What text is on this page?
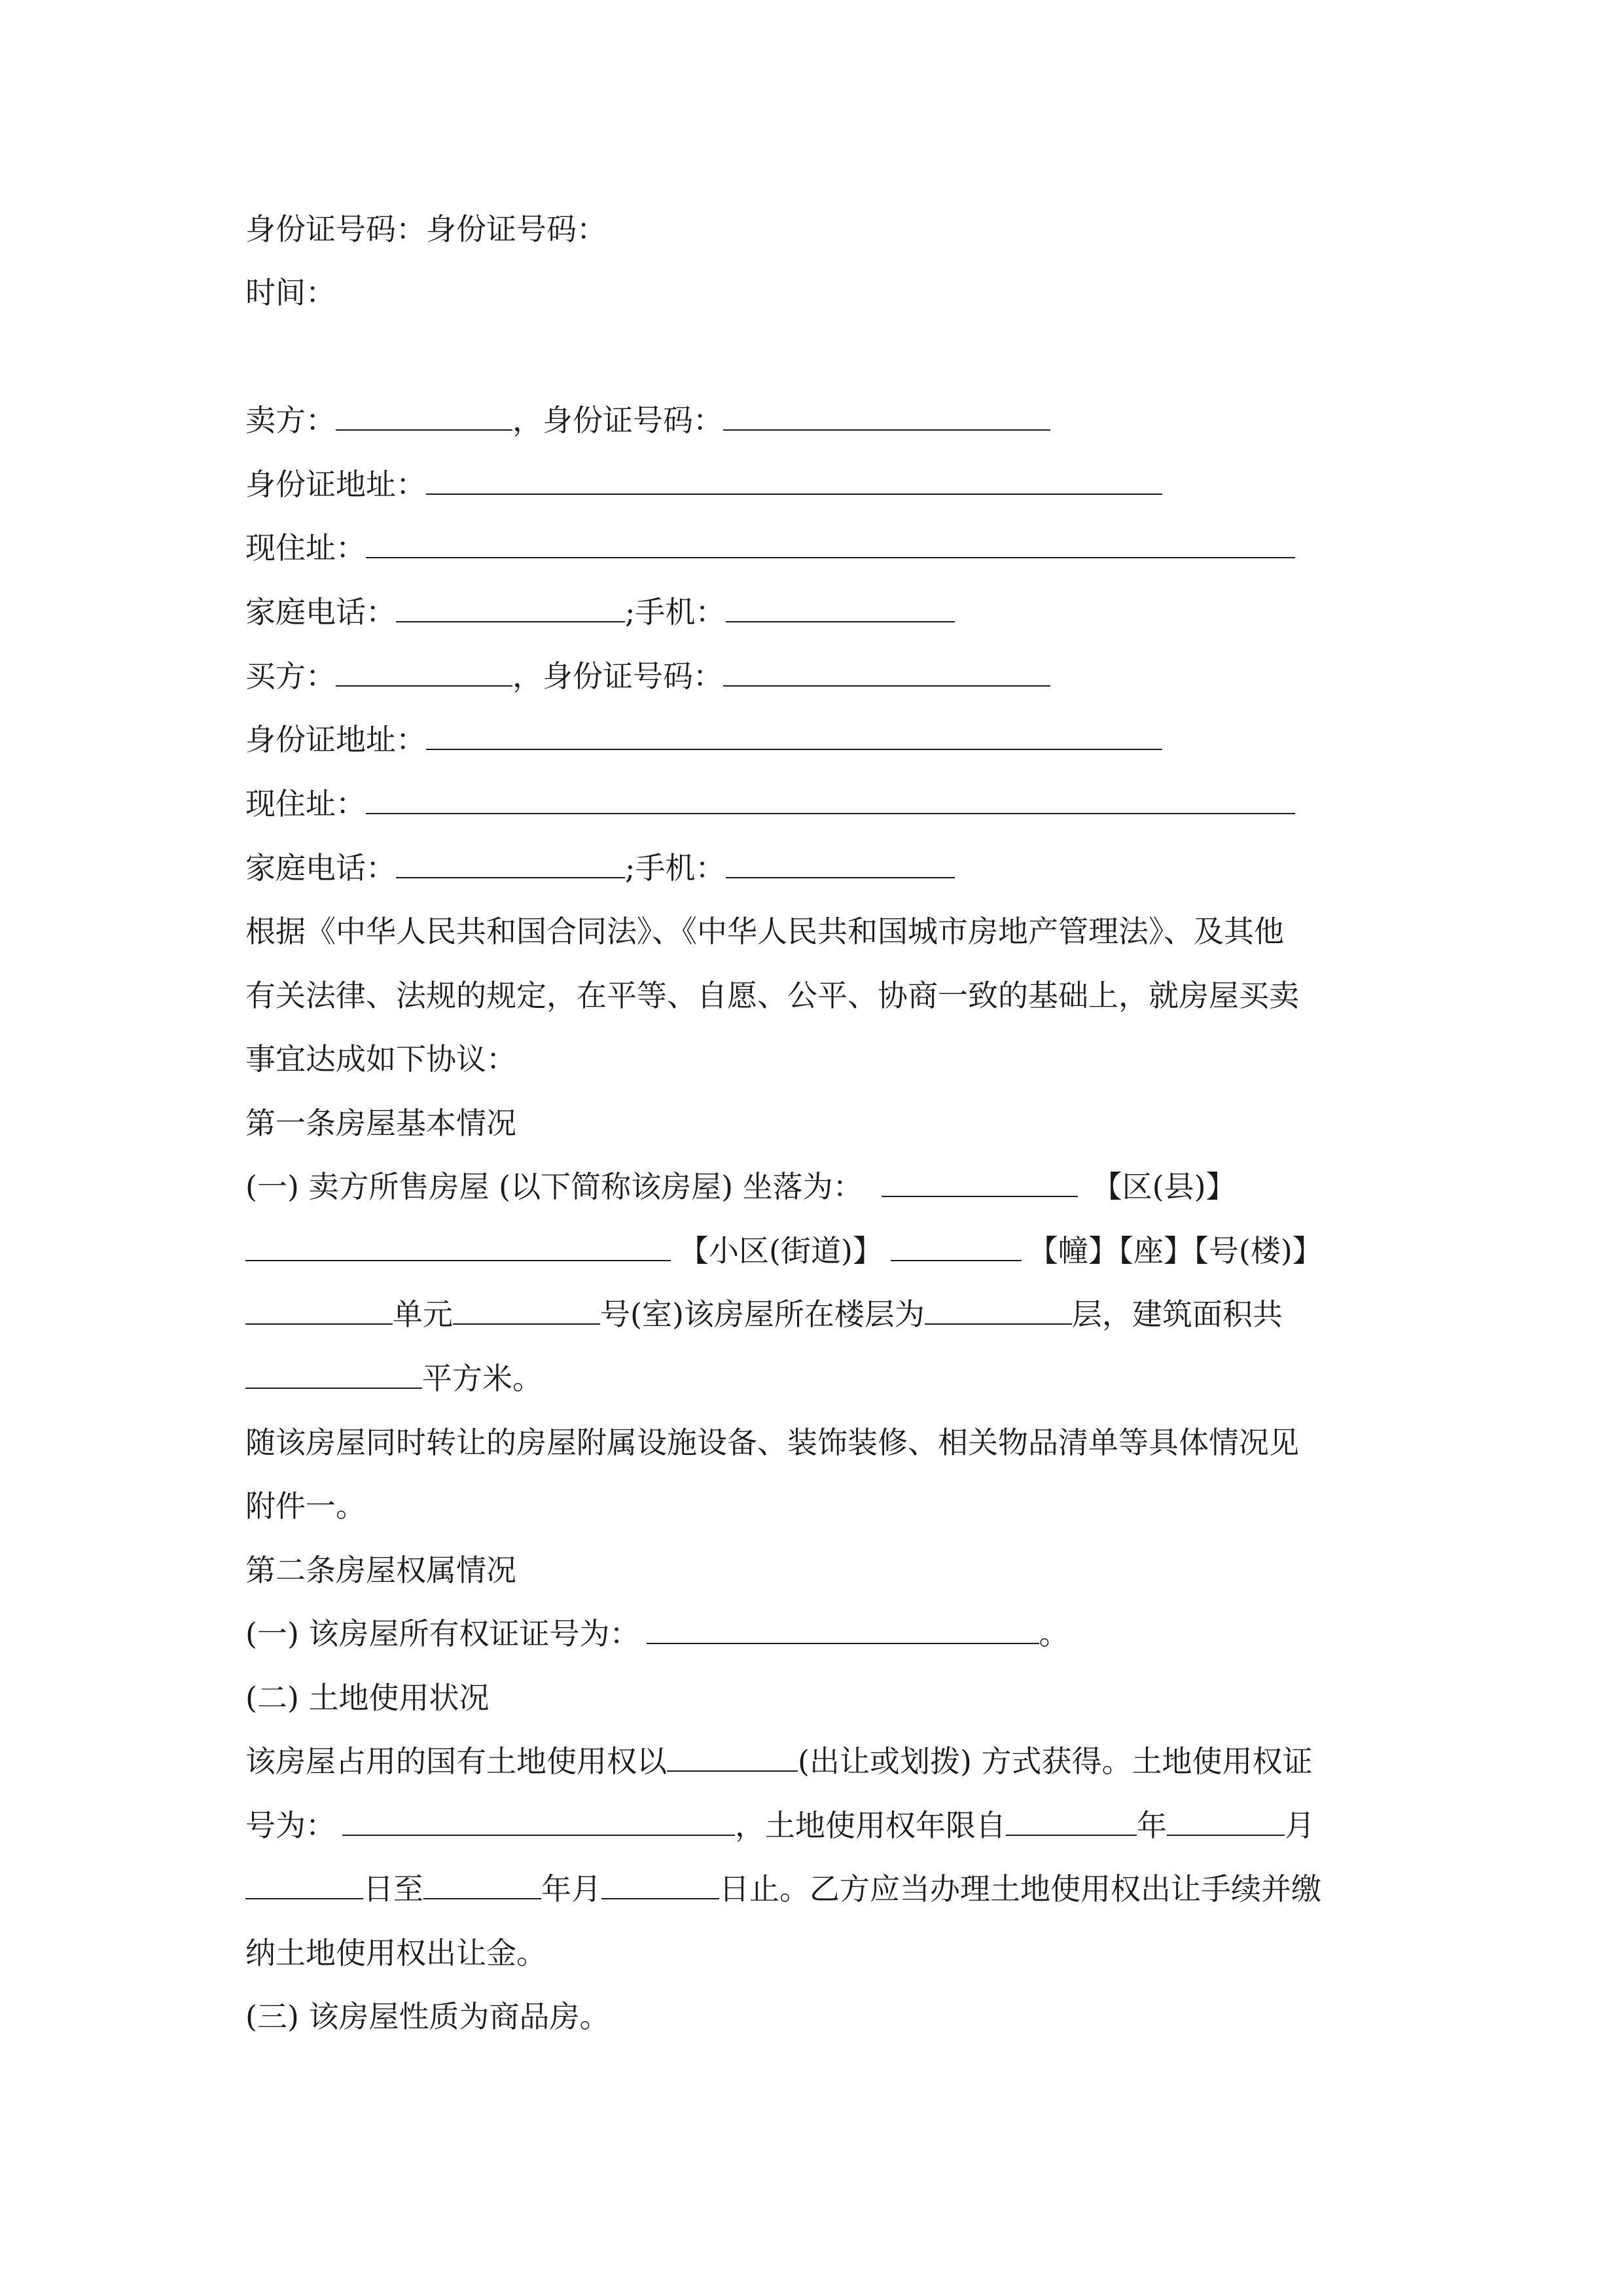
身份证号码：身份证号码：
时间：
卖方：	，身份证号码：
身份证地址：
现住址：
家庭电话：	;手机：
买方：	，身份证号码：
身份证地址：
现住址：
家庭电话：	;手机：
根据《中华人民共和国合同法》、《中华人民共和国城市房地产管理法》、及其他
有关法律、法规的规定，在平等、自愿、公平、协商一致的基础上，就房屋买卖
事宜达成如下协议：
第一条房屋基本情况
(一) 卖方所售房屋 (以下简称该房屋) 坐落为：	【区(县)】
【小区(街道)】	【幢】【座】【号(楼)】
单元	号(室)该房屋所在楼层为	层，建筑面积共
平方米。
随该房屋同时转让的房屋附属设施设备、装饰装修、相关物品清单等具体情况见
附件一。
第二条房屋权属情况
(一) 该房屋所有权证证号为：	。
(二) 土地使用状况
该房屋占用的国有土地使用权以	(出让或划拨) 方式获得。土地使用权证
号为：	，土地使用权年限自	年	月
日至	年月	日止。乙方应当办理土地使用权出让手续并缴
纳土地使用权出让金。
(三) 该房屋性质为商品房。
